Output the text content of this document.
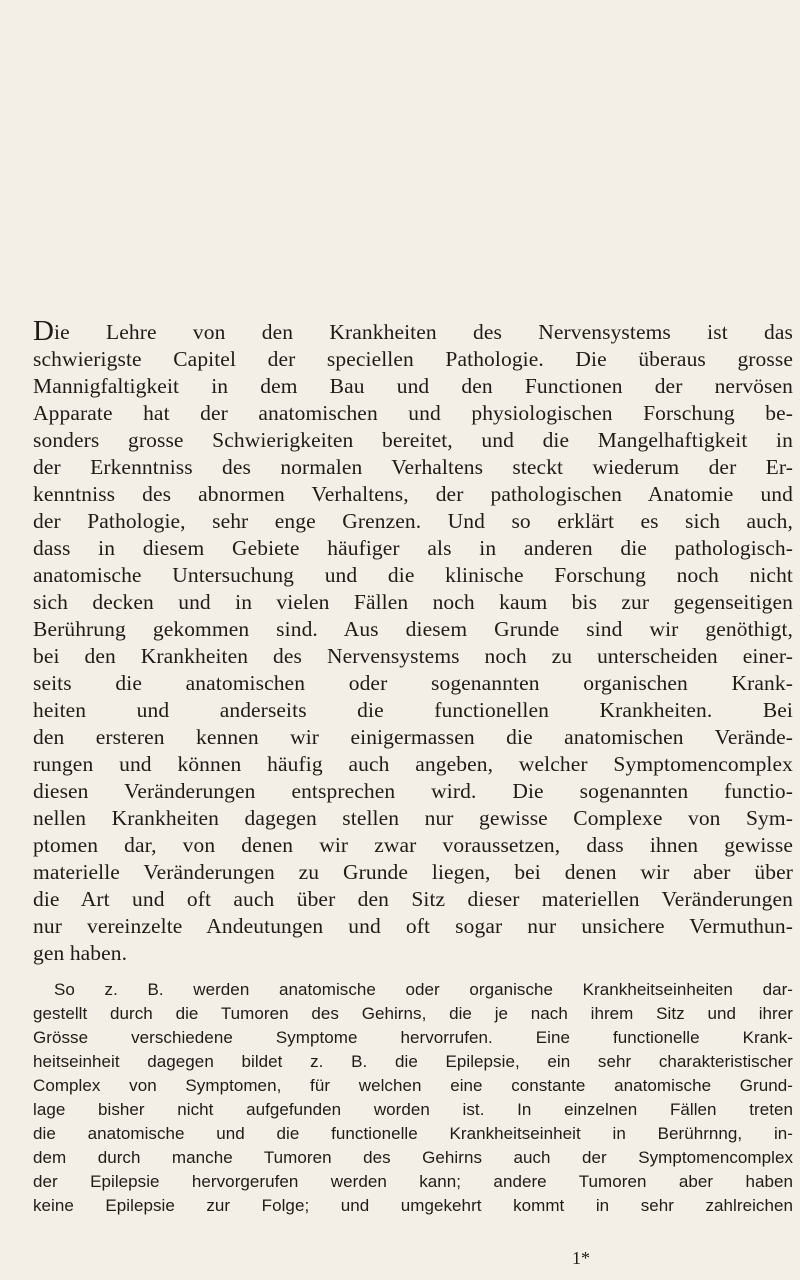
Die Lehre von den Krankheiten des Nervensystems ist das
schwierigste Capitel der speciellen Pathologie. Die überaus grosse
Mannigfaltigkeit in dem Bau und den Functionen der nervösen
Apparate hat der anatomischen und physiologischen Forschung be-
sonders grosse Schwierigkeiten bereitet, und die Mangelhaftigkeit in
der Erkenntniss des normalen Verhaltens steckt wiederum der Er-
kenntniss des abnormen Verhaltens, der pathologischen Anatomie und
der Pathologie, sehr enge Grenzen. Und so erklärt es sich auch,
dass in diesem Gebiete häufiger als in anderen die pathologisch-
anatomische Untersuchung und die klinische Forschung noch nicht
sich decken und in vielen Fällen noch kaum bis zur gegenseitigen
Berührung gekommen sind. Aus diesem Grunde sind wir genöthigt,
bei den Krankheiten des Nervensystems noch zu unterscheiden einer-
seits die anatomischen oder sogenannten organischen Krank-
heiten und anderseits die functionellen Krankheiten. Bei
den ersteren kennen wir einigermassen die anatomischen Verände-
rungen und können häufig auch angeben, welcher Symptomencomplex
diesen Veränderungen entsprechen wird. Die sogenannten functio-
nellen Krankheiten dagegen stellen nur gewisse Complexe von Sym-
ptomen dar, von denen wir zwar voraussetzen, dass ihnen gewisse
materielle Veränderungen zu Grunde liegen, bei denen wir aber über
die Art und oft auch über den Sitz dieser materiellen Veränderungen
nur vereinzelte Andeutungen und oft sogar nur unsichere Vermuthun-
gen haben.
So z. B. werden anatomische oder organische Krankheitseinheiten dar-
gestellt durch die Tumoren des Gehirns, die je nach ihrem Sitz und ihrer
Grösse verschiedene Symptome hervorrufen. Eine functionelle Krank-
heitseinheit dagegen bildet z. B. die Epilepsie, ein sehr charakteristischer
Complex von Symptomen, für welchen eine constante anatomische Grund-
lage bisher nicht aufgefunden worden ist. In einzelnen Fällen treten
die anatomische und die functionelle Krankheitseinheit in Berührnng, in-
dem durch manche Tumoren des Gehirns auch der Symptomencomplex
der Epilepsie hervorgerufen werden kann; andere Tumoren aber haben
keine Epilepsie zur Folge; und umgekehrt kommt in sehr zahlreichen
1*
